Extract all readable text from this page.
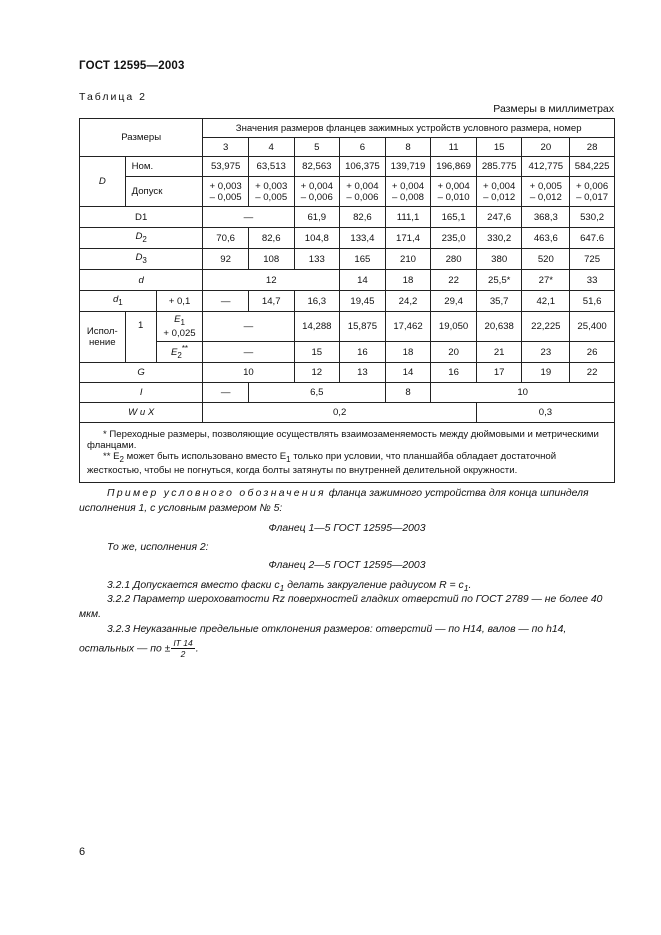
ГОСТ 12595—2003
Таблица 2
Размеры в миллиметрах
Размеры			Значения размеров фланцев зажимных устройств условного размера, номер								
			3	4	5	6	8	11	15	20	28
D	Ном.		53,975	63,513	82,563	106,375	139,719	196,869	285.775	412,775	584,225
	Допуск		+ 0,003
– 0,005	+ 0,003
– 0,005	+ 0,004
– 0,006	+ 0,004
– 0,006	+ 0,004
– 0,008	+ 0,004
– 0,010	+ 0,004
– 0,012	+ 0,005
– 0,012	+ 0,006
– 0,017
D1			—		61,9	82,6	111,1	165,1	247,6	368,3	530,2
$D_2$			70,6	82,6	104,8	133,4	171,4	235,0	330,2	463,6	647.6
$D_3$			92	108	133	165	210	280	380	520	725
d			12			14	18	22	25,5*	27*	33
$d_1$		+ 0,1	—	14,7	16,3	19,45	24,2	29,4	35,7	42,1	51,6
Испол-
нение	1	$E_1$
+ 0,025	—		14,288	15,875	17,462	19,050	20,638	22,225	25,400
		$E_2^{**}$	—		15	16	18	20	21	23	26
G			10		12	13	14	16	17	19	22
I			—	6,5			8	10			
W и X			0,2						0,3		

* Переходные размеры, позволяющие осуществлять взаимозаменяемость между дюймовыми и метрическими фланцами.
** $E_2$ может быть использовано вместо $E_1$ только при условии, что планшайба обладает достаточной жесткостью, чтобы не погнуться, когда болты затянуты по внутренней делительной окружности.											
Пример условного обозначения фланца зажимного устройства для конца шпинделя исполнения 1, с условным размером № 5:
Фланец 1—5 ГОСТ 12595—2003
То же, исполнения 2:
Фланец 2—5 ГОСТ 12595—2003
3.2.1 Допускается вместо фаски $c_1$ делать закругление радиусом $R = c_1$.
3.2.2 Параметр шероховатости Rz поверхностей гладких отверстий по ГОСТ 2789 — не более 40 мкм.
3.2.3 Неуказанные предельные отклонения размеров: отверстий — по H14, валов — по h14,
остальных — по ± $\frac{IT 14}{2}$ .
6
